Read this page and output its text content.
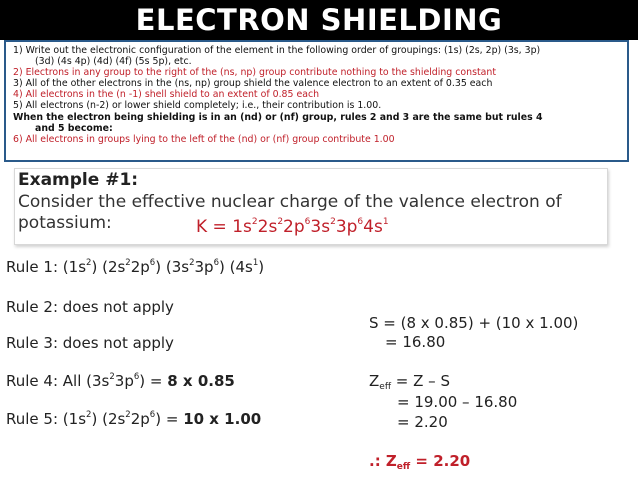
ELECTRON SHIELDING
1) Write out the electronic configuration of the element in the following order of groupings: (1s) (2s, 2p) (3s, 3p)
(3d) (4s 4p) (4d) (4f) (5s 5p), etc.
2) Electrons in any group to the right of the (ns, np) group contribute nothing to the shielding constant
3) All of the other electrons in the (ns, np) group shield the valence electron to an extent of 0.35 each
4) All electrons in the (n -1) shell shield to an extent of 0.85 each
5) All electrons (n-2) or lower shield completely; i.e., their contribution is 1.00.
When the electron being shielding is in an (nd) or (nf) group, rules 2 and 3 are the same but rules 4
and 5 become:
6) All electrons in groups lying to the left of the (nd) or (nf) group contribute 1.00
Example #1:
Consider the effective nuclear charge of the valence electron of
potassium:	$K = 1s^22s^22p^63s^23p^64s^1$
Rule 1: $(1s^2)$ $(2s^22p^6)$ $(3s^23p^6)$ $(4s^1)$
Rule 2: does not apply
Rule 3: does not apply
Rule 4: All $(3s^23p^6) = 8$ x 0.85
Rule 5: $(1s^2) (2s^22p^6) = 10$ x 1.00
S = (8 x 0.85) + (10 x 1.00)
= 16.80
Zeff = Z – S
= 19.00 – 16.80
= 2.20
.: Zeff = 2.20
